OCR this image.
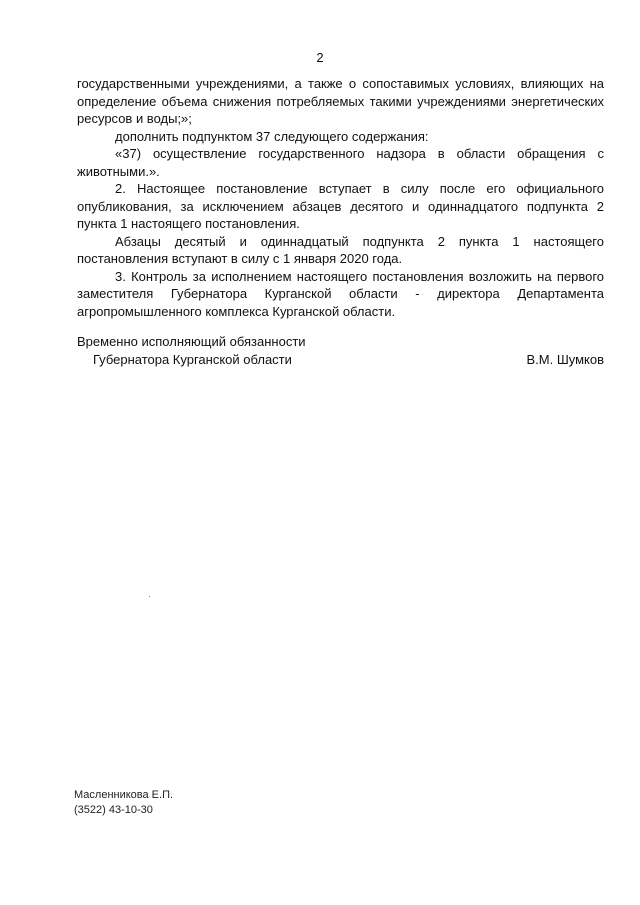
2

государственными учреждениями, а также о сопоставимых условиях, влияющих на определение объема снижения потребляемых такими учреждениями энергетических ресурсов и воды;»;

дополнить подпунктом 37 следующего содержания:

«37) осуществление государственного надзора в области обращения с животными.».

2. Настоящее постановление вступает в силу после его официального опубликования, за исключением абзацев десятого и одиннадцатого подпункта 2 пункта 1 настоящего постановления.

Абзацы десятый и одиннадцатый подпункта 2 пункта 1 настоящего постановления вступают в силу с 1 января 2020 года.

3. Контроль за исполнением настоящего постановления возложить на первого заместителя Губернатора Курганской области - директора Департамента агропромышленного комплекса Курганской области.

Временно исполняющий обязанности
Губернатора Курганской области	В.М. Шумков
Масленникова Е.П.
(3522) 43-10-30
